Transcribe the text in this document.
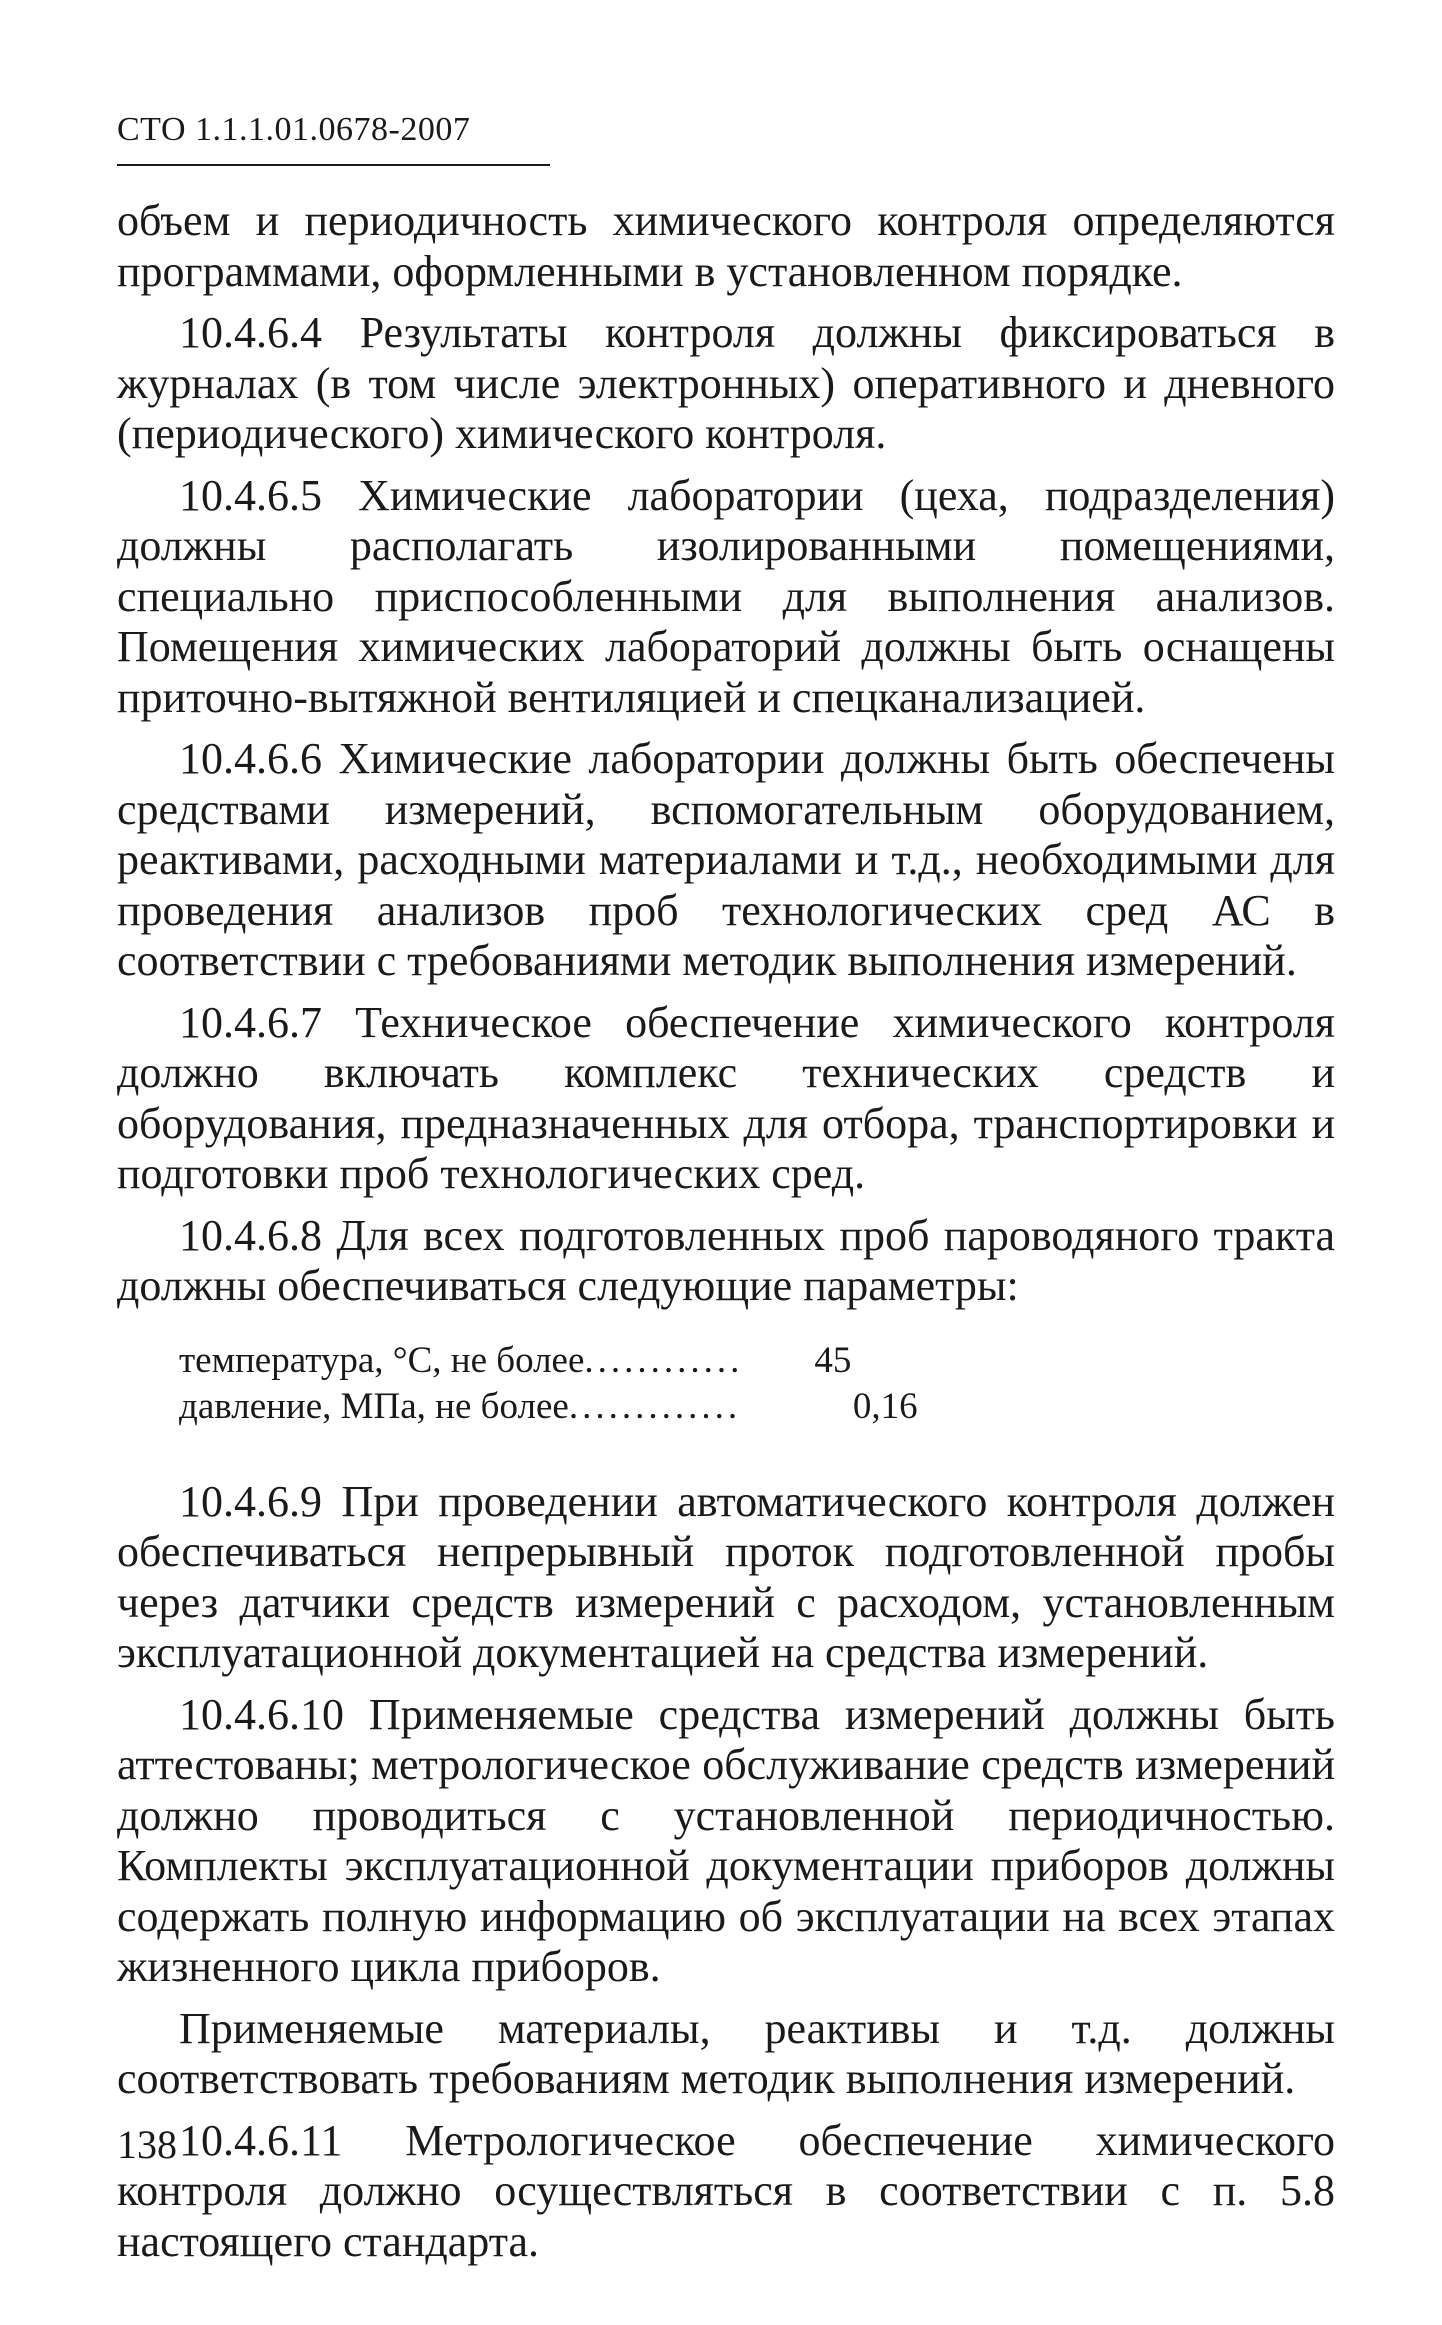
СТО 1.1.1.01.0678-2007

объем и периодичность химического контроля определяются программами, оформленными в установленном порядке.

10.4.6.4 Результаты контроля должны фиксироваться в журналах (в том числе электронных) оперативного и дневного (периодического) химического контроля.

10.4.6.5 Химические лаборатории (цеха, подразделения) должны располагать изолированными помещениями, специально приспособленными для выполнения анализов. Помещения химических лабораторий должны быть оснащены приточно-вытяжной вентиляцией и спецканализацией.

10.4.6.6 Химические лаборатории должны быть обеспечены средствами измерений, вспомогательным оборудованием, реактивами, расходными материалами и т.д., необходимыми для проведения анализов проб технологических сред АС в соответствии с требованиями методик выполнения измерений.

10.4.6.7 Техническое обеспечение химического контроля должно включать комплекс технических средств и оборудования, предназначенных для отбора, транспортировки и подготовки проб технологических сред.

10.4.6.8 Для всех подготовленных проб пароводяного тракта должны обеспечиваться следующие параметры:

температура, °С, не более ............	45
давление, МПа, не более .............	0,16

10.4.6.9 При проведении автоматического контроля должен обеспечиваться непрерывный проток подготовленной пробы через датчики средств измерений с расходом, установленным эксплуатационной документацией на средства измерений.

10.4.6.10 Применяемые средства измерений должны быть аттестованы; метрологическое обслуживание средств измерений должно проводиться с установленной периодичностью. Комплекты эксплуатационной документации приборов должны содержать полную информацию об эксплуатации на всех этапах жизненного цикла приборов.

Применяемые материалы, реактивы и т.д. должны соответствовать требованиям методик выполнения измерений.

10.4.6.11 Метрологическое обеспечение химического контроля должно осуществляться в соответствии с п. 5.8 настоящего стандарта.

138
